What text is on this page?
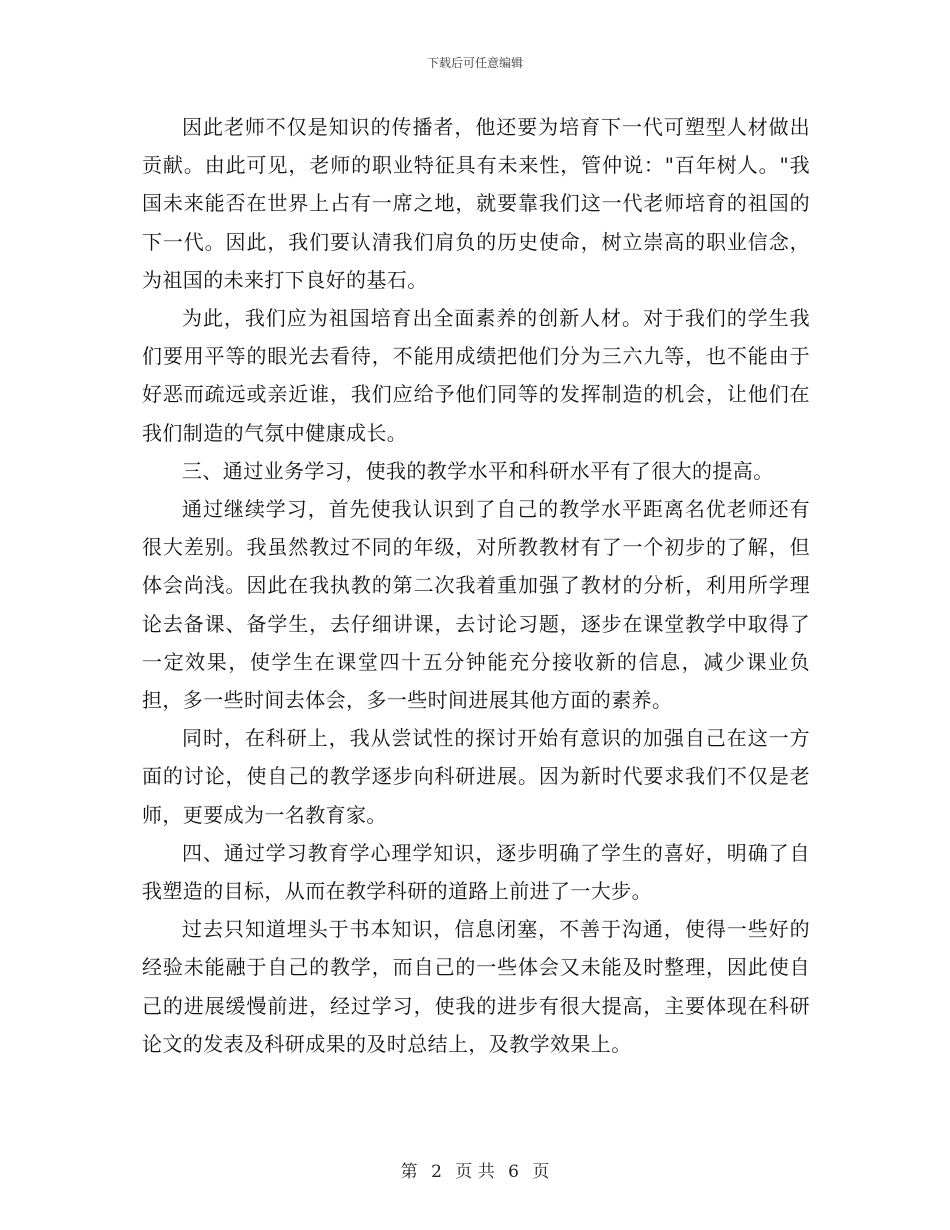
下载后可任意编辑

因此老师不仅是知识的传播者，他还要为培育下一代可塑型人材做出贡献。由此可见，老师的职业特征具有未来性，管仲说："百年树人。"我国未来能否在世界上占有一席之地，就要靠我们这一代老师培育的祖国的下一代。因此，我们要认清我们肩负的历史使命，树立崇高的职业信念，为祖国的未来打下良好的基石。

为此，我们应为祖国培育出全面素养的创新人材。对于我们的学生我们要用平等的眼光去看待，不能用成绩把他们分为三六九等，也不能由于好恶而疏远或亲近谁，我们应给予他们同等的发挥制造的机会，让他们在我们制造的气氛中健康成长。

三、通过业务学习，使我的教学水平和科研水平有了很大的提高。

通过继续学习，首先使我认识到了自己的教学水平距离名优老师还有很大差别。我虽然教过不同的年级，对所教教材有了一个初步的了解，但体会尚浅。因此在我执教的第二次我着重加强了教材的分析，利用所学理论去备课、备学生，去仔细讲课，去讨论习题，逐步在课堂教学中取得了一定效果，使学生在课堂四十五分钟能充分接收新的信息，减少课业负担，多一些时间去体会，多一些时间进展其他方面的素养。

同时，在科研上，我从尝试性的探讨开始有意识的加强自己在这一方面的讨论，使自己的教学逐步向科研进展。因为新时代要求我们不仅是老师，更要成为一名教育家。

四、通过学习教育学心理学知识，逐步明确了学生的喜好，明确了自我塑造的目标，从而在教学科研的道路上前进了一大步。

过去只知道埋头于书本知识，信息闭塞，不善于沟通，使得一些好的经验未能融于自己的教学，而自己的一些体会又未能及时整理，因此使自己的进展缓慢前进，经过学习，使我的进步有很大提高，主要体现在科研论文的发表及科研成果的及时总结上，及教学效果上。

第 2 页 共 6 页
